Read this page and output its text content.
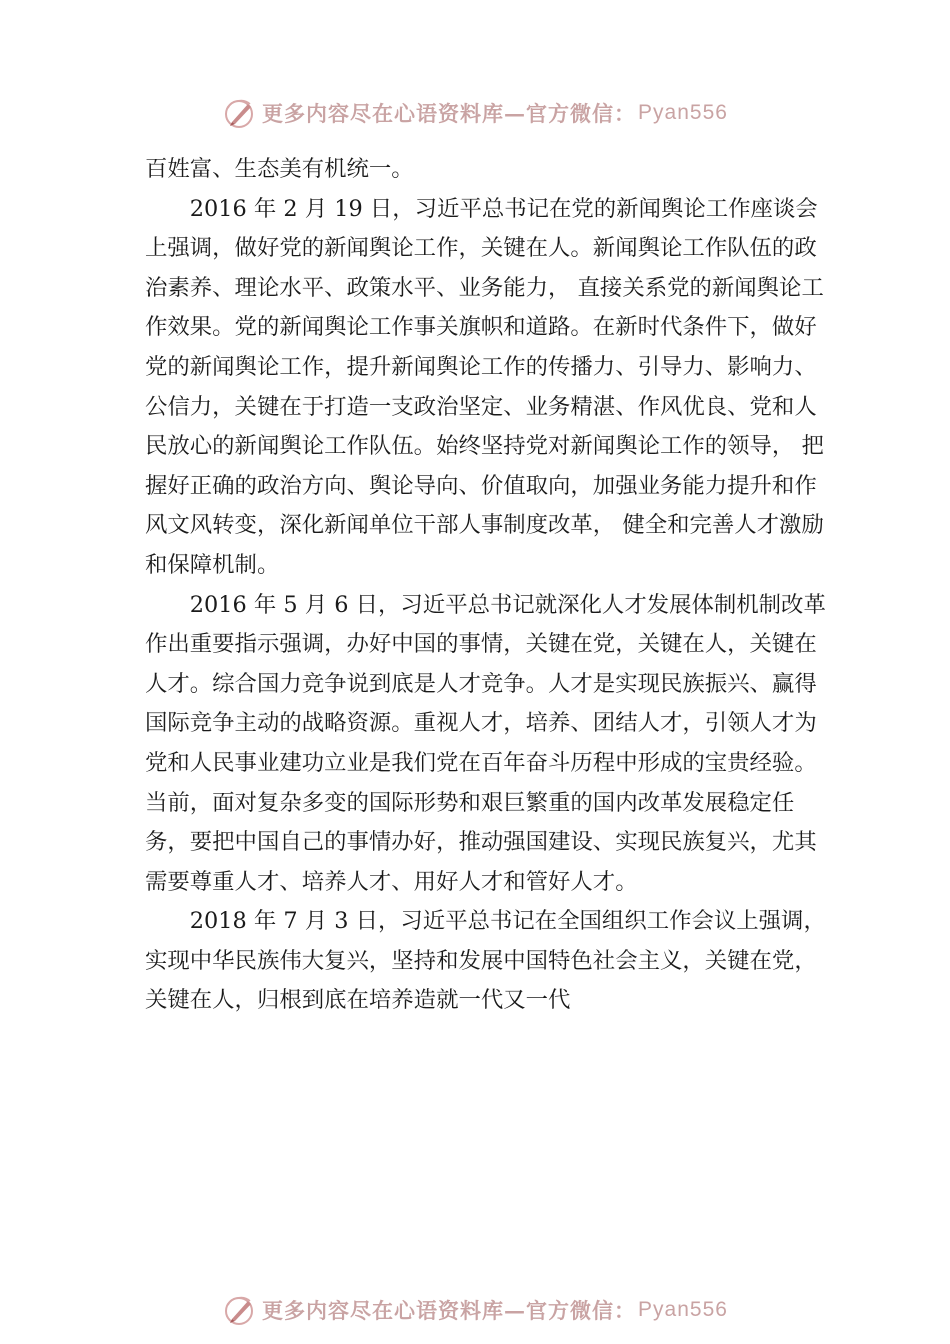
更多内容尽在心语资料库—官方微信： Pyan556

百姓富、生态美有机统一。

2016 年 2 月 19 日，习近平总书记在党的新闻舆论工作座谈会上强调，做好党的新闻舆论工作，关键在人。新闻舆论工作队伍的政治素养、理论水平、政策水平、业务能力， 直接关系党的新闻舆论工作效果。党的新闻舆论工作事关旗帜和道路。在新时代条件下，做好党的新闻舆论工作，提升新闻舆论工作的传播力、引导力、影响力、公信力，关键在于打造一支政治坚定、业务精湛、作风优良、党和人民放心的新闻舆论工作队伍。始终坚持党对新闻舆论工作的领导， 把握好正确的政治方向、舆论导向、价值取向，加强业务能力提升和作风文风转变，深化新闻单位干部人事制度改革， 健全和完善人才激励和保障机制。

2016 年 5 月 6 日，习近平总书记就深化人才发展体制机制改革作出重要指示强调，办好中国的事情，关键在党，关键在人，关键在人才。综合国力竞争说到底是人才竞争。人才是实现民族振兴、赢得国际竞争主动的战略资源。重视人才，培养、团结人才，引领人才为党和人民事业建功立业是我们党在百年奋斗历程中形成的宝贵经验。当前，面对复杂多变的国际形势和艰巨繁重的国内改革发展稳定任务，要把中国自己的事情办好，推动强国建设、实现民族复兴，尤其需要尊重人才、培养人才、用好人才和管好人才。

2018 年 7 月 3 日，习近平总书记在全国组织工作会议上强调，实现中华民族伟大复兴，坚持和发展中国特色社会主义，关键在党，关键在人，归根到底在培养造就一代又一代

更多内容尽在心语资料库—官方微信： Pyan556
